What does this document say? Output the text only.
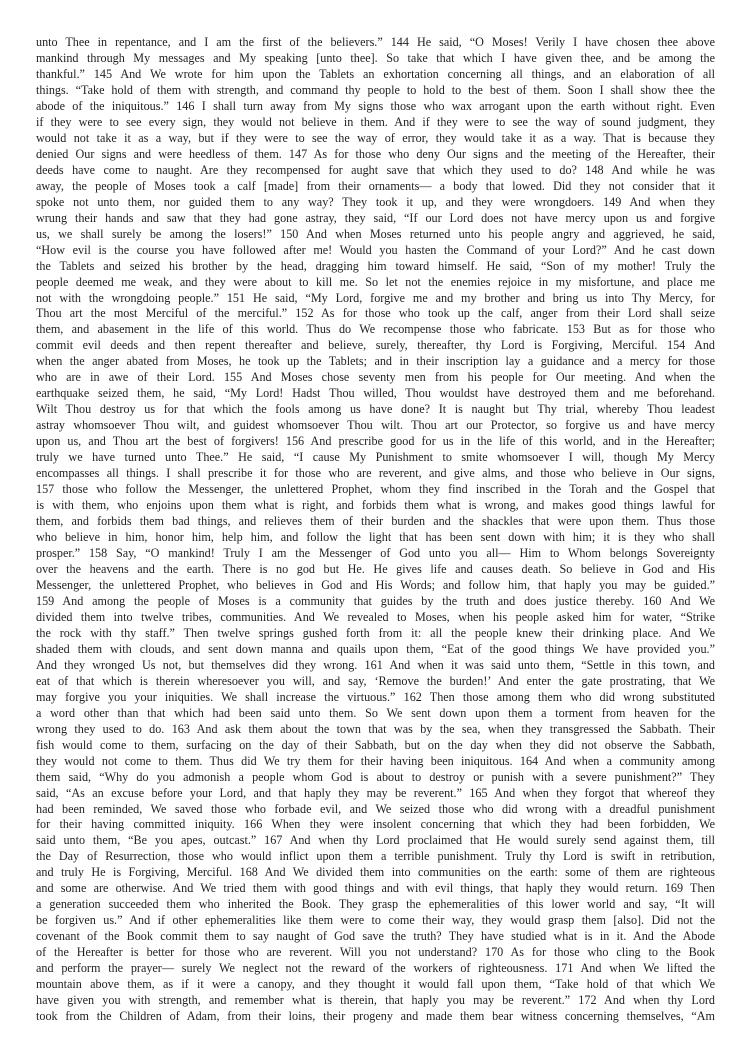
unto Thee in repentance, and I am the first of the believers.” 144 He said, “O Moses! Verily I have chosen thee above
mankind through My messages and My speaking [unto thee]. So take that which I have given thee, and be among the
thankful.” 145 And We wrote for him upon the Tablets an exhortation concerning all things, and an elaboration of all
things. “Take hold of them with strength, and command thy people to hold to the best of them. Soon I shall show thee the
abode of the iniquitous.” 146 I shall turn away from My signs those who wax arrogant upon the earth without right. Even
if they were to see every sign, they would not believe in them. And if they were to see the way of sound judgment, they
would not take it as a way, but if they were to see the way of error, they would take it as a way. That is because they
denied Our signs and were heedless of them. 147 As for those who deny Our signs and the meeting of the Hereafter, their
deeds have come to naught. Are they recompensed for aught save that which they used to do? 148 And while he was
away, the people of Moses took a calf [made] from their ornaments— a body that lowed. Did they not consider that it
spoke not unto them, nor guided them to any way? They took it up, and they were wrongdoers. 149 And when they
wrung their hands and saw that they had gone astray, they said, “If our Lord does not have mercy upon us and forgive
us, we shall surely be among the losers!” 150 And when Moses returned unto his people angry and aggrieved, he said,
“How evil is the course you have followed after me! Would you hasten the Command of your Lord?” And he cast down
the Tablets and seized his brother by the head, dragging him toward himself. He said, “Son of my mother! Truly the
people deemed me weak, and they were about to kill me. So let not the enemies rejoice in my misfortune, and place me
not with the wrongdoing people.” 151 He said, “My Lord, forgive me and my brother and bring us into Thy Mercy, for
Thou art the most Merciful of the merciful.” 152 As for those who took up the calf, anger from their Lord shall seize
them, and abasement in the life of this world. Thus do We recompense those who fabricate. 153 But as for those who
commit evil deeds and then repent thereafter and believe, surely, thereafter, thy Lord is Forgiving, Merciful. 154 And
when the anger abated from Moses, he took up the Tablets; and in their inscription lay a guidance and a mercy for those
who are in awe of their Lord. 155 And Moses chose seventy men from his people for Our meeting. And when the
earthquake seized them, he said, “My Lord! Hadst Thou willed, Thou wouldst have destroyed them and me beforehand.
Wilt Thou destroy us for that which the fools among us have done? It is naught but Thy trial, whereby Thou leadest
astray whomsoever Thou wilt, and guidest whomsoever Thou wilt. Thou art our Protector, so forgive us and have mercy
upon us, and Thou art the best of forgivers! 156 And prescribe good for us in the life of this world, and in the Hereafter;
truly we have turned unto Thee.” He said, “I cause My Punishment to smite whomsoever I will, though My Mercy
encompasses all things. I shall prescribe it for those who are reverent, and give alms, and those who believe in Our signs,
157 those who follow the Messenger, the unlettered Prophet, whom they find inscribed in the Torah and the Gospel that
is with them, who enjoins upon them what is right, and forbids them what is wrong, and makes good things lawful for
them, and forbids them bad things, and relieves them of their burden and the shackles that were upon them. Thus those
who believe in him, honor him, help him, and follow the light that has been sent down with him; it is they who shall
prosper.” 158 Say, “O mankind! Truly I am the Messenger of God unto you all— Him to Whom belongs Sovereignty
over the heavens and the earth. There is no god but He. He gives life and causes death. So believe in God and His
Messenger, the unlettered Prophet, who believes in God and His Words; and follow him, that haply you may be guided.”
159 And among the people of Moses is a community that guides by the truth and does justice thereby. 160 And We
divided them into twelve tribes, communities. And We revealed to Moses, when his people asked him for water, “Strike
the rock with thy staff.” Then twelve springs gushed forth from it: all the people knew their drinking place. And We
shaded them with clouds, and sent down manna and quails upon them, “Eat of the good things We have provided you.”
And they wronged Us not, but themselves did they wrong. 161 And when it was said unto them, “Settle in this town, and
eat of that which is therein wheresoever you will, and say, ‘Remove the burden!’ And enter the gate prostrating, that We
may forgive you your iniquities. We shall increase the virtuous.” 162 Then those among them who did wrong substituted
a word other than that which had been said unto them. So We sent down upon them a torment from heaven for the
wrong they used to do. 163 And ask them about the town that was by the sea, when they transgressed the Sabbath. Their
fish would come to them, surfacing on the day of their Sabbath, but on the day when they did not observe the Sabbath,
they would not come to them. Thus did We try them for their having been iniquitous. 164 And when a community among
them said, “Why do you admonish a people whom God is about to destroy or punish with a severe punishment?” They
said, “As an excuse before your Lord, and that haply they may be reverent.” 165 And when they forgot that whereof they
had been reminded, We saved those who forbade evil, and We seized those who did wrong with a dreadful punishment
for their having committed iniquity. 166 When they were insolent concerning that which they had been forbidden, We
said unto them, “Be you apes, outcast.” 167 And when thy Lord proclaimed that He would surely send against them, till
the Day of Resurrection, those who would inflict upon them a terrible punishment. Truly thy Lord is swift in retribution,
and truly He is Forgiving, Merciful. 168 And We divided them into communities on the earth: some of them are righteous
and some are otherwise. And We tried them with good things and with evil things, that haply they would return. 169 Then
a generation succeeded them who inherited the Book. They grasp the ephemeralities of this lower world and say, “It will
be forgiven us.” And if other ephemeralities like them were to come their way, they would grasp them [also]. Did not the
covenant of the Book commit them to say naught of God save the truth? They have studied what is in it. And the Abode
of the Hereafter is better for those who are reverent. Will you not understand? 170 As for those who cling to the Book
and perform the prayer— surely We neglect not the reward of the workers of righteousness. 171 And when We lifted the
mountain above them, as if it were a canopy, and they thought it would fall upon them, “Take hold of that which We
have given you with strength, and remember what is therein, that haply you may be reverent.” 172 And when thy Lord
took from the Children of Adam, from their loins, their progeny and made them bear witness concerning themselves, “Am
